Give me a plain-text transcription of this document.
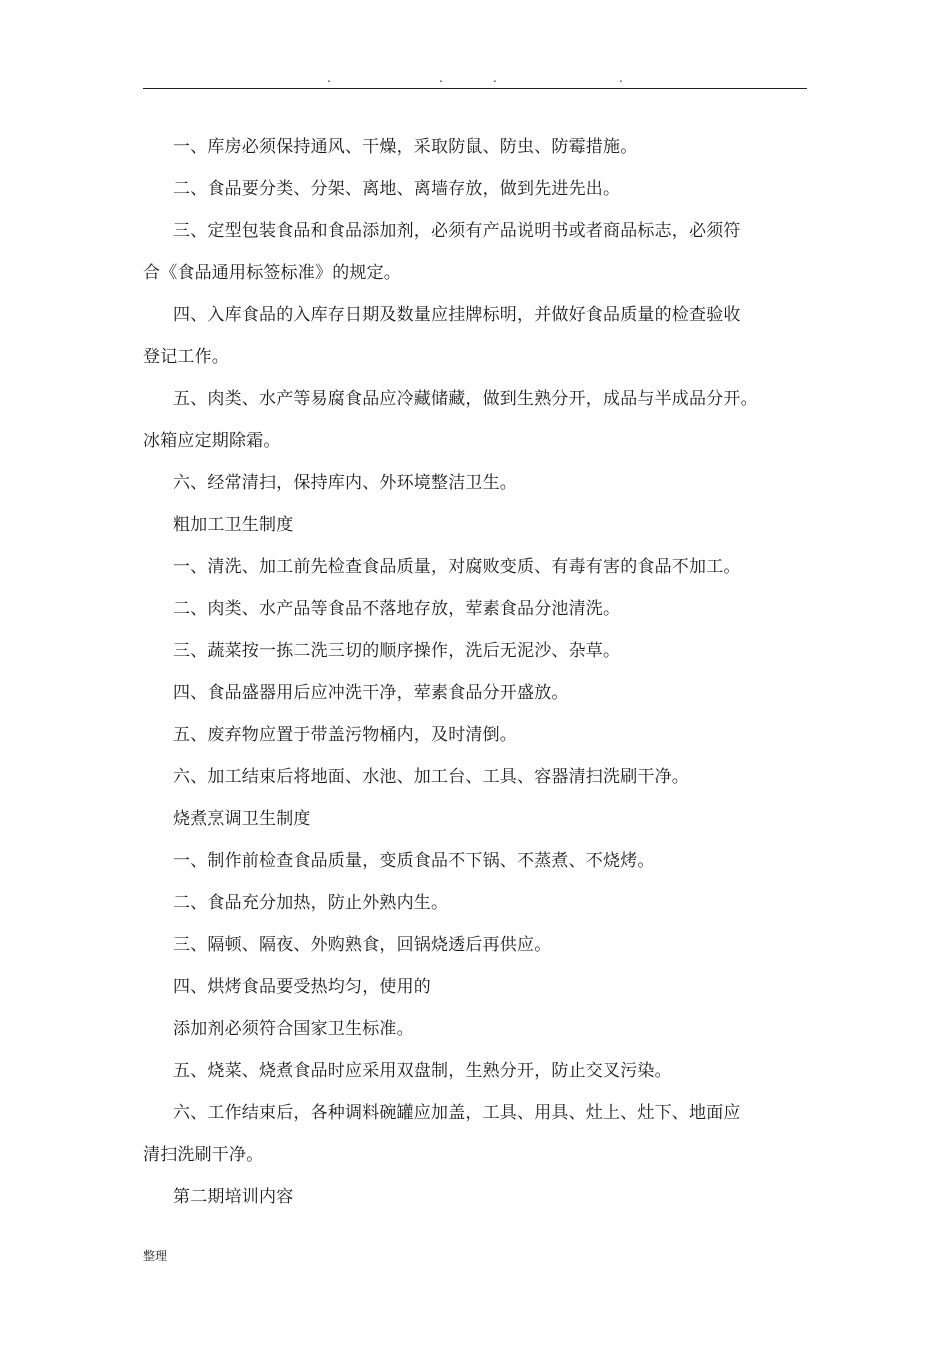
.	.	.	.
一、库房必须保持通风、干燥，采取防鼠、防虫、防霉措施。
二、食品要分类、分架、离地、离墙存放，做到先进先出。
三、定型包装食品和食品添加剂，必须有产品说明书或者商品标志，必须符
合《食品通用标签标准》的规定。
四、入库食品的入库存日期及数量应挂牌标明，并做好食品质量的检查验收
登记工作。
五、肉类、水产等易腐食品应冷藏储藏，做到生熟分开，成品与半成品分开。
冰箱应定期除霜。
六、经常清扫，保持库内、外环境整洁卫生。
粗加工卫生制度
一、清洗、加工前先检查食品质量，对腐败变质、有毒有害的食品不加工。
二、肉类、水产品等食品不落地存放，荤素食品分池清洗。
三、蔬菜按一拣二洗三切的顺序操作，洗后无泥沙、杂草。
四、食品盛器用后应冲洗干净，荤素食品分开盛放。
五、废弃物应置于带盖污物桶内，及时清倒。
六、加工结束后将地面、水池、加工台、工具、容器清扫洗刷干净。
烧煮烹调卫生制度
一、制作前检查食品质量，变质食品不下锅、不蒸煮、不烧烤。
二、食品充分加热，防止外熟内生。
三、隔顿、隔夜、外购熟食，回锅烧透后再供应。
四、烘烤食品要受热均匀，使用的
添加剂必须符合国家卫生标准。
五、烧菜、烧煮食品时应采用双盘制，生熟分开，防止交叉污染。
六、工作结束后，各种调料碗罐应加盖，工具、用具、灶上、灶下、地面应
清扫洗刷干净。
第二期培训内容
整理
